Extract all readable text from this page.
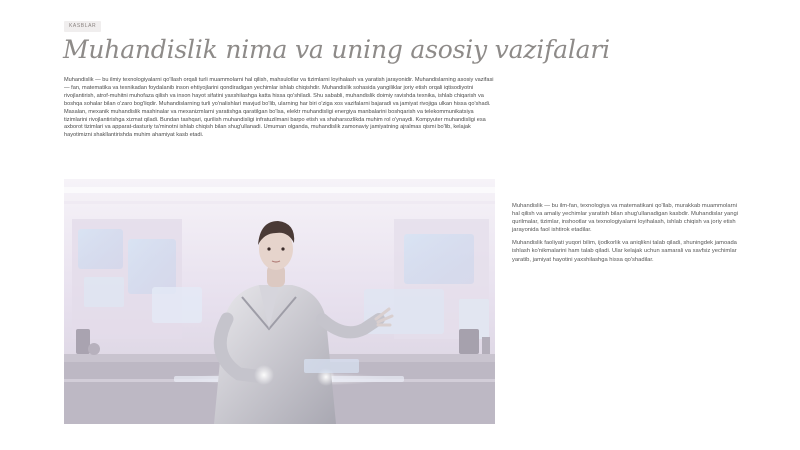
KASBLAR
Muhandislik nima va uning asosiy vazifalari

Muhandislik — bu ilmiy texnologiyalarni qo'llash orqali turli muammolarni hal qilish, mahsulotlar va tizimlarni loyihalash va yaratish jarayonidir. Muhandislarning asosiy vazifasi — fan, matematika va texnikadan foydalanib inson ehtiyojlarini qondiradigan yechimlar ishlab chiqishdir. Muhandislik sohasida yangiliklar joriy etish orqali iqtisodiyotni rivojlantirish, atrof-muhitni muhofaza qilish va inson hayot sifatini yaxshilashga katta hissa qo'shiladi. Shu sababli, muhandislik doimiy ravishda texnika, ishlab chiqarish va boshqa sohalar bilan o'zaro bog'liqdir. Muhandislarning turli yo'nalishlari mavjud bo'lib, ularning har biri o'ziga xos vazifalarni bajaradi va jamiyat rivojiga ulkan hissa qo'shadi. Masalan, mexanik muhandislik mashinalar va mexanizmlarni yaratishga qaratilgan bo'lsa, elektr muhandisligi energiya manbalarini boshqarish va telekommunikatsiya tizimlarini rivojlantirishga xizmat qiladi. Bundan tashqari, qurilish muhandisligi infratuzilmani barpo etish va shaharsozlikda muhim rol o'ynaydi. Kompyuter muhandisligi esa axborot tizimlari va apparat-dasturiy ta'minotni ishlab chiqish bilan shug'ullanadi. Umuman olganda, muhandislik zamonaviy jamiyatning ajralmas qismi bo'lib, kelajak hayotimizni shakllantirishda muhim ahamiyat kasb etadi.

Muhandislik — bu ilm-fan, texnologiya va matematikani qo'llab, murakkab muammolarni hal qilish va amaliy yechimlar yaratish bilan shug'ullanadigan kasbdir. Muhandislar yangi qurilmalar, tizimlar, inshootlar va texnologiyalarni loyihalash, ishlab chiqish va joriy etish jarayonida faol ishtirok etadilar.

Muhandislik faoliyati yuqori bilim, ijodkorlik va aniqlikni talab qiladi, shuningdek jamoada ishlash ko'nikmalarini ham talab qiladi. Ular kelajak uchun samarali va xavfsiz yechimlar yaratib, jamiyat hayotini yaxshilashga hissa qo'shadilar.
